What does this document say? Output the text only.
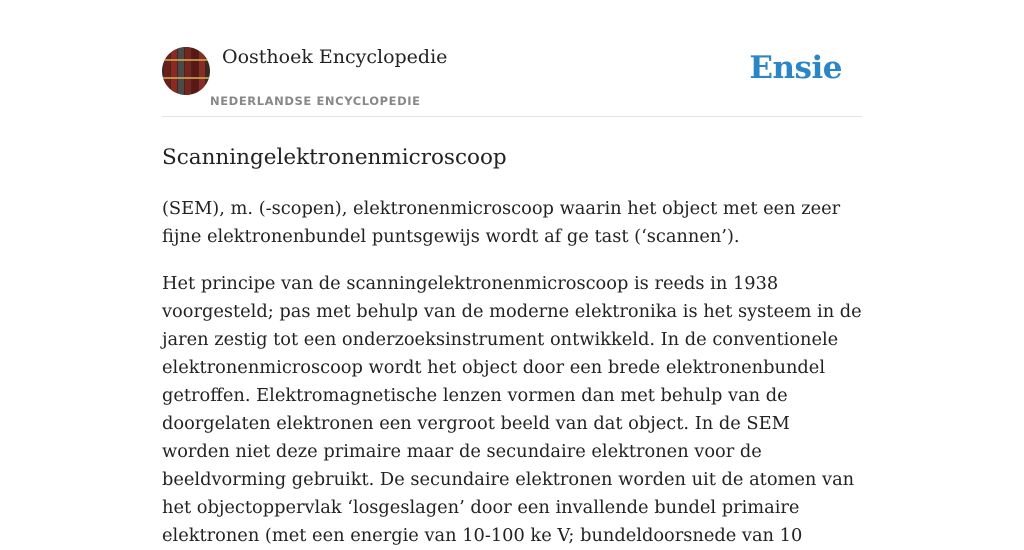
Oosthoek Encyclopedie
NEDERLANDSE ENCYCLOPEDIE
Ensie
Scanningelektronenmicroscoop

(SEM), m. (-scopen), elektronenmicroscoop waarin het object met een zeer fijne elektronenbundel puntsgewijs wordt af ge tast (‘scannen’).

Het principe van de scanningelektronenmicroscoop is reeds in 1938 voorgesteld; pas met behulp van de moderne elektronika is het systeem in de jaren zestig tot een onderzoeksinstrument ontwikkeld. In de conventionele elektronenmicroscoop wordt het object door een brede elektronenbundel getroffen. Elektromagnetische lenzen vormen dan met behulp van de doorgelaten elektronen een vergroot beeld van dat object. In de SEM worden niet deze primaire maar de secundaire elektronen voor de beeldvorming gebruikt. De secundaire elektronen worden uit de atomen van het objectoppervlak ‘losgeslagen’ door een invallende bundel primaire elektronen (met een energie van 10-100 ke V; bundeldoorsnede van 10
